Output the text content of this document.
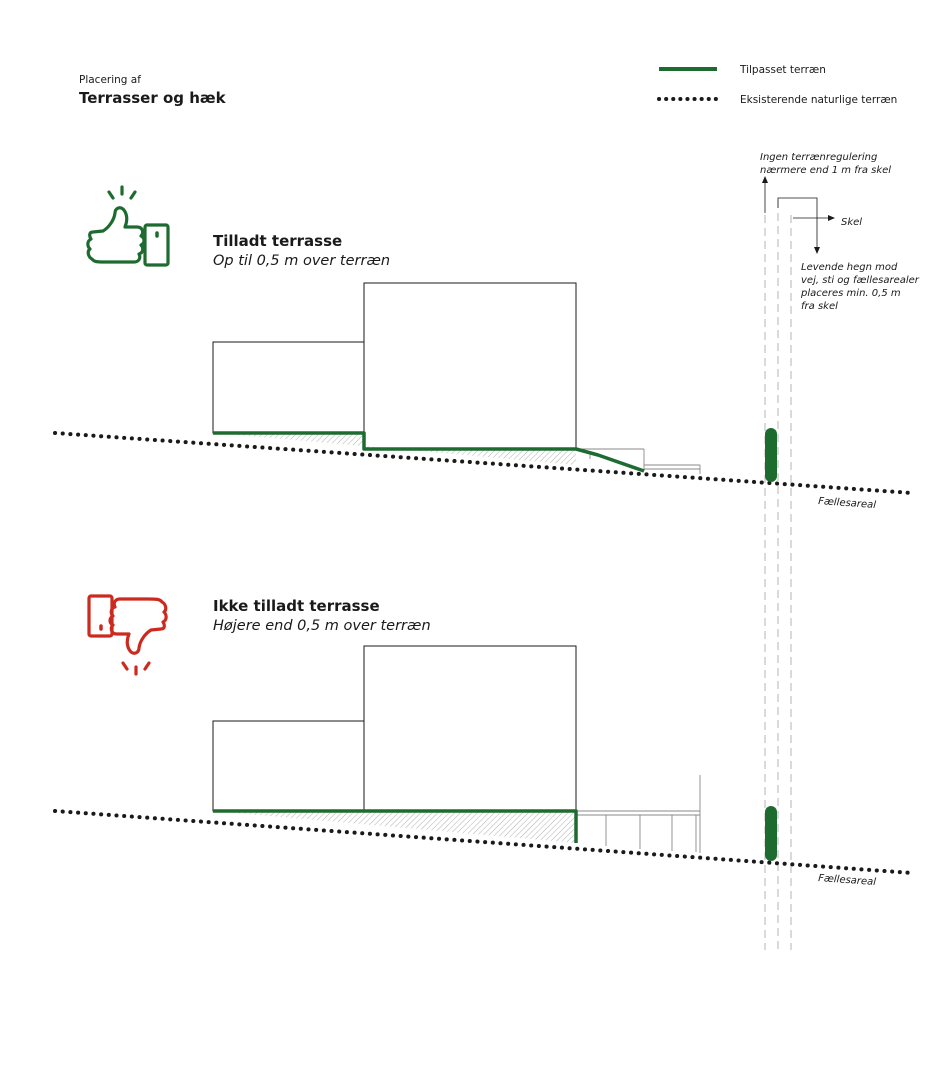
Placering af
Terrasser og hæk
Tilpasset terræn
Eksisterende naturlige terræn
Ingen terrænregulering
nærmere end 1 m fra skel
Skel
Levende hegn mod
vej, sti og fællesarealer
placeres min. 0,5 m
fra skel
Tilladt terrasse
Op til 0,5 m over terræn
Fællesareal
Ikke tilladt terrasse
Højere end 0,5 m over terræn
Fællesareal
